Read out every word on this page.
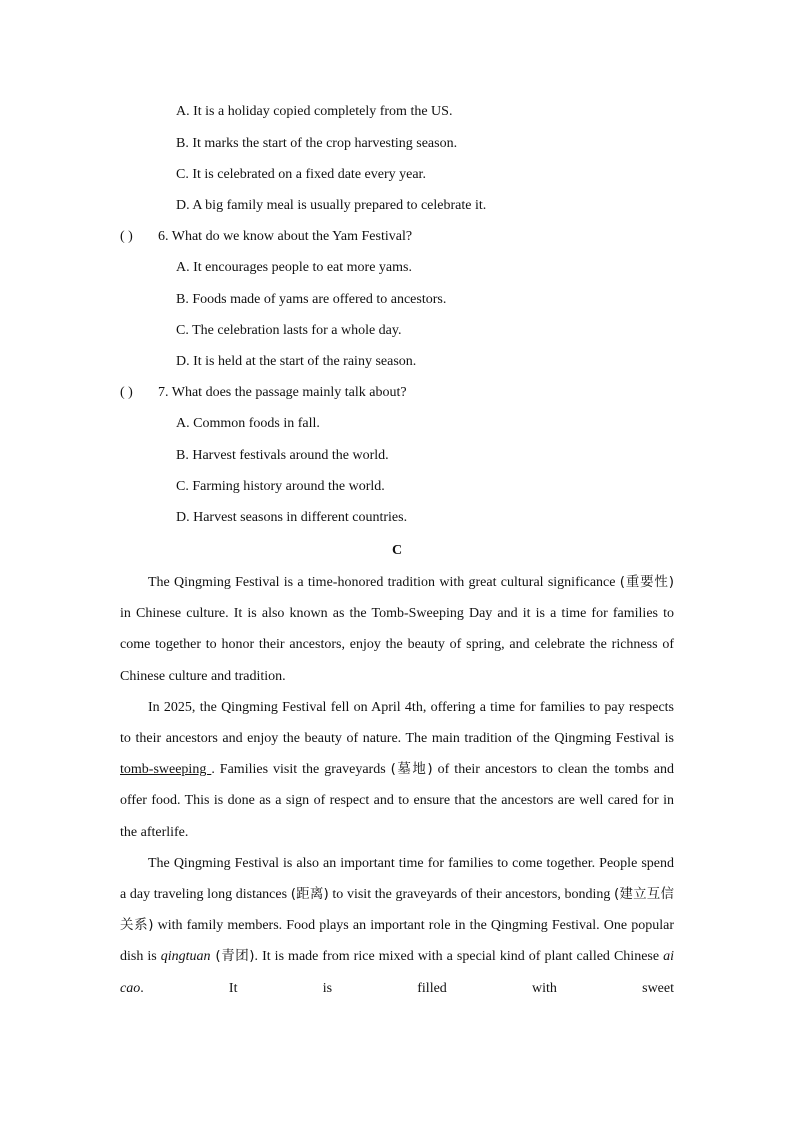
A. It is a holiday copied completely from the US.
B. It marks the start of the crop harvesting season.
C. It is celebrated on a fixed date every year.
D. A big family meal is usually prepared to celebrate it.
( ) 6. What do we know about the Yam Festival?
A. It encourages people to eat more yams.
B. Foods made of yams are offered to ancestors.
C. The celebration lasts for a whole day.
D. It is held at the start of the rainy season.
( ) 7. What does the passage mainly talk about?
A. Common foods in fall.
B. Harvest festivals around the world.
C. Farming history around the world.
D. Harvest seasons in different countries.
C

The Qingming Festival is a time-honored tradition with great cultural significance (重要性) in Chinese culture. It is also known as the Tomb-Sweeping Day and it is a time for families to come together to honor their ancestors, enjoy the beauty of spring, and celebrate the richness of Chinese culture and tradition.

In 2025, the Qingming Festival fell on April 4th, offering a time for families to pay respects to their ancestors and enjoy the beauty of nature. The main tradition of the Qingming Festival is tomb-sweeping . Families visit the graveyards (墓地) of their ancestors to clean the tombs and offer food. This is done as a sign of respect and to ensure that the ancestors are well cared for in the afterlife.

The Qingming Festival is also an important time for families to come together. People spend a day traveling long distances (距离) to visit the graveyards of their ancestors, bonding (建立互信关系) with family members. Food plays an important role in the Qingming Festival. One popular dish is qingtuan (青团). It is made from rice mixed with a special kind of plant called Chinese ai cao. It is filled with sweet
